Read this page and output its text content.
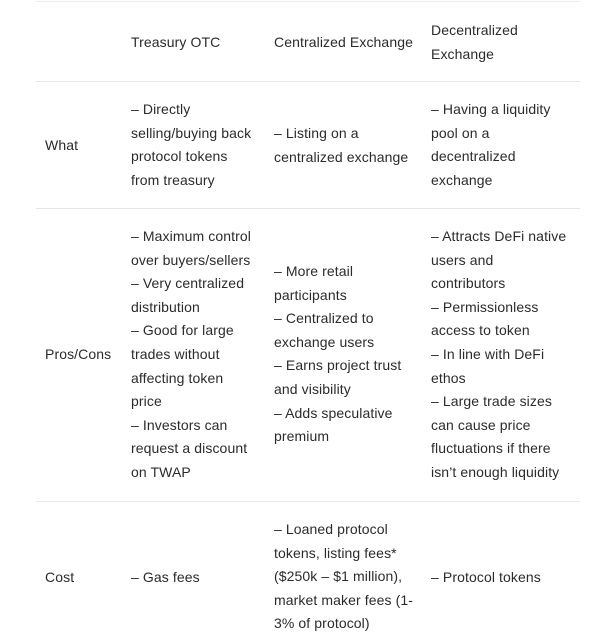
Treasury OTC	Centralized Exchange
Decentralized
Exchange
What
– Directly
selling/buying back
protocol tokens
from treasury
– Listing on a
centralized exchange
– Having a liquidity
pool on a
decentralized
exchange
Pros/Cons
– Maximum control
over buyers/sellers
– Very centralized
distribution
– Good for large
trades without
affecting token
price
– Investors can
request a discount
on TWAP
– More retail
participants
– Centralized to
exchange users
– Earns project trust
and visibility
– Adds speculative
premium
– Attracts DeFi native
users and
contributors
– Permissionless
access to token
– In line with DeFi
ethos
– Large trade sizes
can cause price
fluctuations if there
isn’t enough liquidity
Cost	– Gas fees
– Loaned protocol
tokens, listing fees*
($250k – $1 million),
market maker fees (1-
3% of protocol)
– Protocol tokens
